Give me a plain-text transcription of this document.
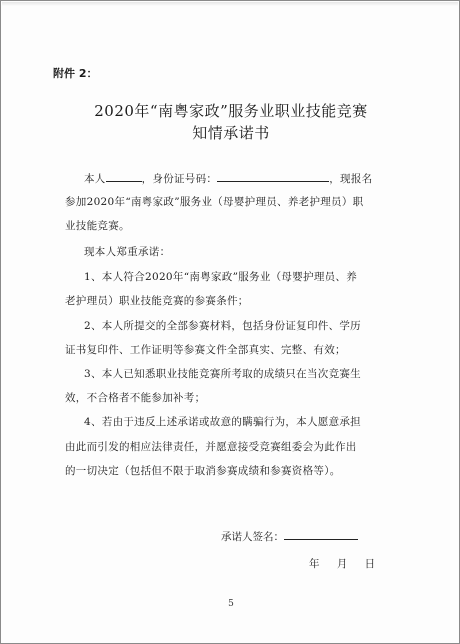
附件 2：
2020年“南粤家政”服务业职业技能竞赛
知情承诺书
本人	，身份证号码：	，现报名
参加2020年“南粤家政”服务业（母婴护理员、养老护理员）职
业技能竞赛。
现本人郑重承诺：
1、本人符合2020年“南粤家政”服务业（母婴护理员、养
老护理员）职业技能竞赛的参赛条件；
2、本人所提交的全部参赛材料，包括身份证复印件、学历
证书复印件、工作证明等参赛文件全部真实、完整、有效；
3、本人已知悉职业技能竞赛所考取的成绩只在当次竞赛生
效，不合格者不能参加补考；
4、若由于违反上述承诺或故意的瞒骗行为，本人愿意承担
由此而引发的相应法律责任，并愿意接受竞赛组委会为此作出
的一切决定（包括但不限于取消参赛成绩和参赛资格等）。
承诺人签名：
年 月 日
5
